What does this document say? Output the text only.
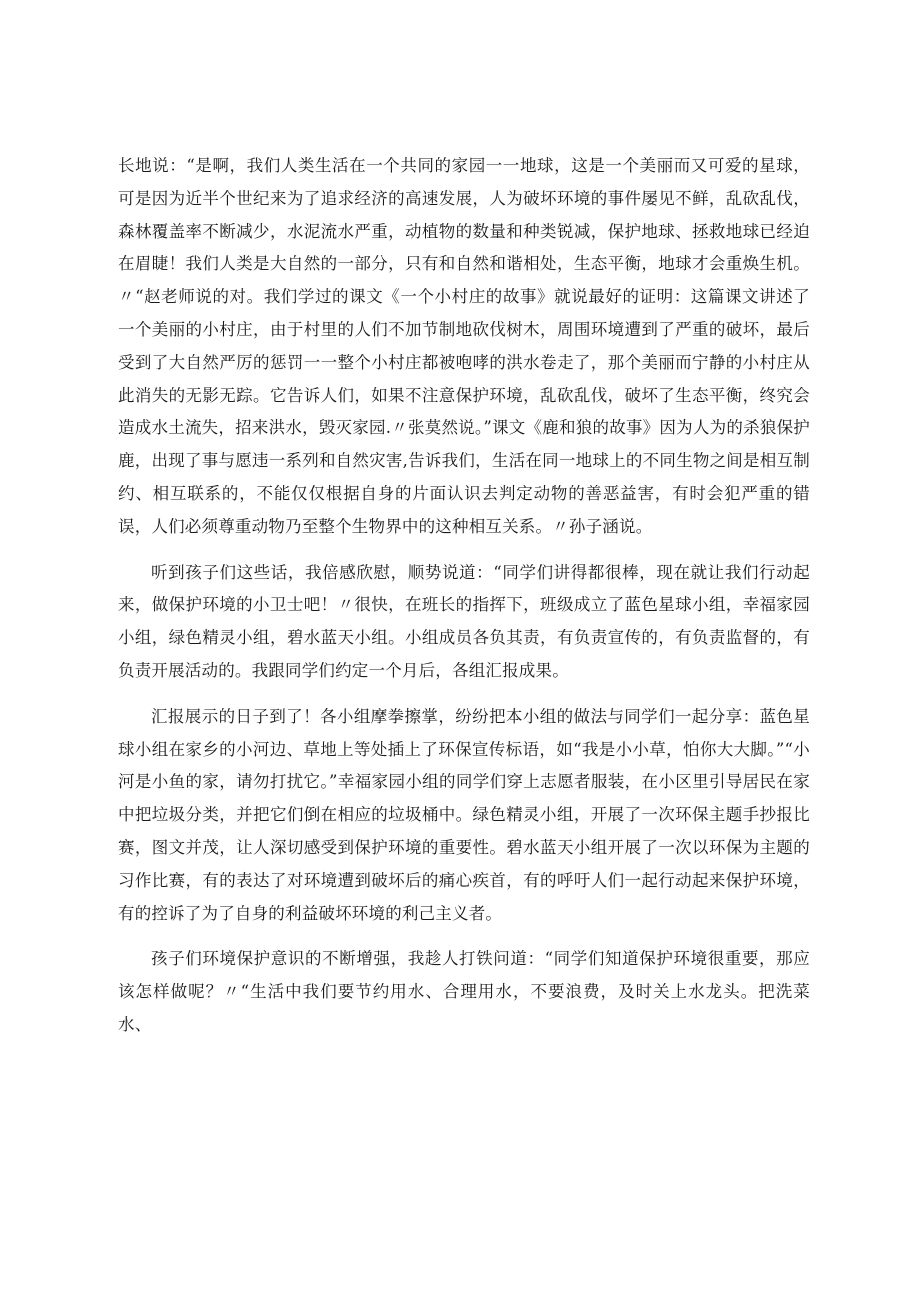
长地说：“是啊，我们人类生活在一个共同的家园一一地球，这是一个美丽而又可爱的星球，可是因为近半个世纪来为了追求经济的高速发展，人为破坏环境的事件屡见不鲜，乱砍乱伐，森林覆盖率不断减少，水泥流水严重，动植物的数量和种类锐减，保护地球、拯救地球已经迫在眉睫！我们人类是大自然的一部分，只有和自然和谐相处，生态平衡，地球才会重焕生机。〃“赵老师说的对。我们学过的课文《一个小村庄的故事》就说最好的证明：这篇课文讲述了一个美丽的小村庄，由于村里的人们不加节制地砍伐树木，周围环境遭到了严重的破坏，最后受到了大自然严厉的惩罚一一整个小村庄都被咆哮的洪水卷走了，那个美丽而宁静的小村庄从此消失的无影无踪。它告诉人们，如果不注意保护环境，乱砍乱伐，破坏了生态平衡，终究会造成水土流失，招来洪水，毁灭家园.〃张莫然说。”课文《鹿和狼的故事》因为人为的杀狼保护鹿，出现了事与愿违一系列和自然灾害,告诉我们，生活在同一地球上的不同生物之间是相互制约、相互联系的，不能仅仅根据自身的片面认识去判定动物的善恶益害，有时会犯严重的错误，人们必须尊重动物乃至整个生物界中的这种相互关系。〃孙子涵说。

听到孩子们这些话，我倍感欣慰，顺势说道：“同学们讲得都很棒，现在就让我们行动起来，做保护环境的小卫士吧！〃很快，在班长的指挥下，班级成立了蓝色星球小组，幸福家园小组，绿色精灵小组，碧水蓝天小组。小组成员各负其责，有负责宣传的，有负责监督的，有负责开展活动的。我跟同学们约定一个月后，各组汇报成果。

汇报展示的日子到了！各小组摩拳擦掌，纷纷把本小组的做法与同学们一起分享：蓝色星球小组在家乡的小河边、草地上等处插上了环保宣传标语，如“我是小小草，怕你大大脚。”“小河是小鱼的家，请勿打扰它。”幸福家园小组的同学们穿上志愿者服装，在小区里引导居民在家中把垃圾分类，并把它们倒在相应的垃圾桶中。绿色精灵小组，开展了一次环保主题手抄报比赛，图文并茂，让人深切感受到保护环境的重要性。碧水蓝天小组开展了一次以环保为主题的习作比赛，有的表达了对环境遭到破坏后的痛心疾首，有的呼吁人们一起行动起来保护环境，有的控诉了为了自身的利益破坏环境的利己主义者。

孩子们环境保护意识的不断增强，我趁人打铁问道：“同学们知道保护环境很重要，那应该怎样做呢？〃“生活中我们要节约用水、合理用水，不要浪费，及时关上水龙头。把洗菜水、
